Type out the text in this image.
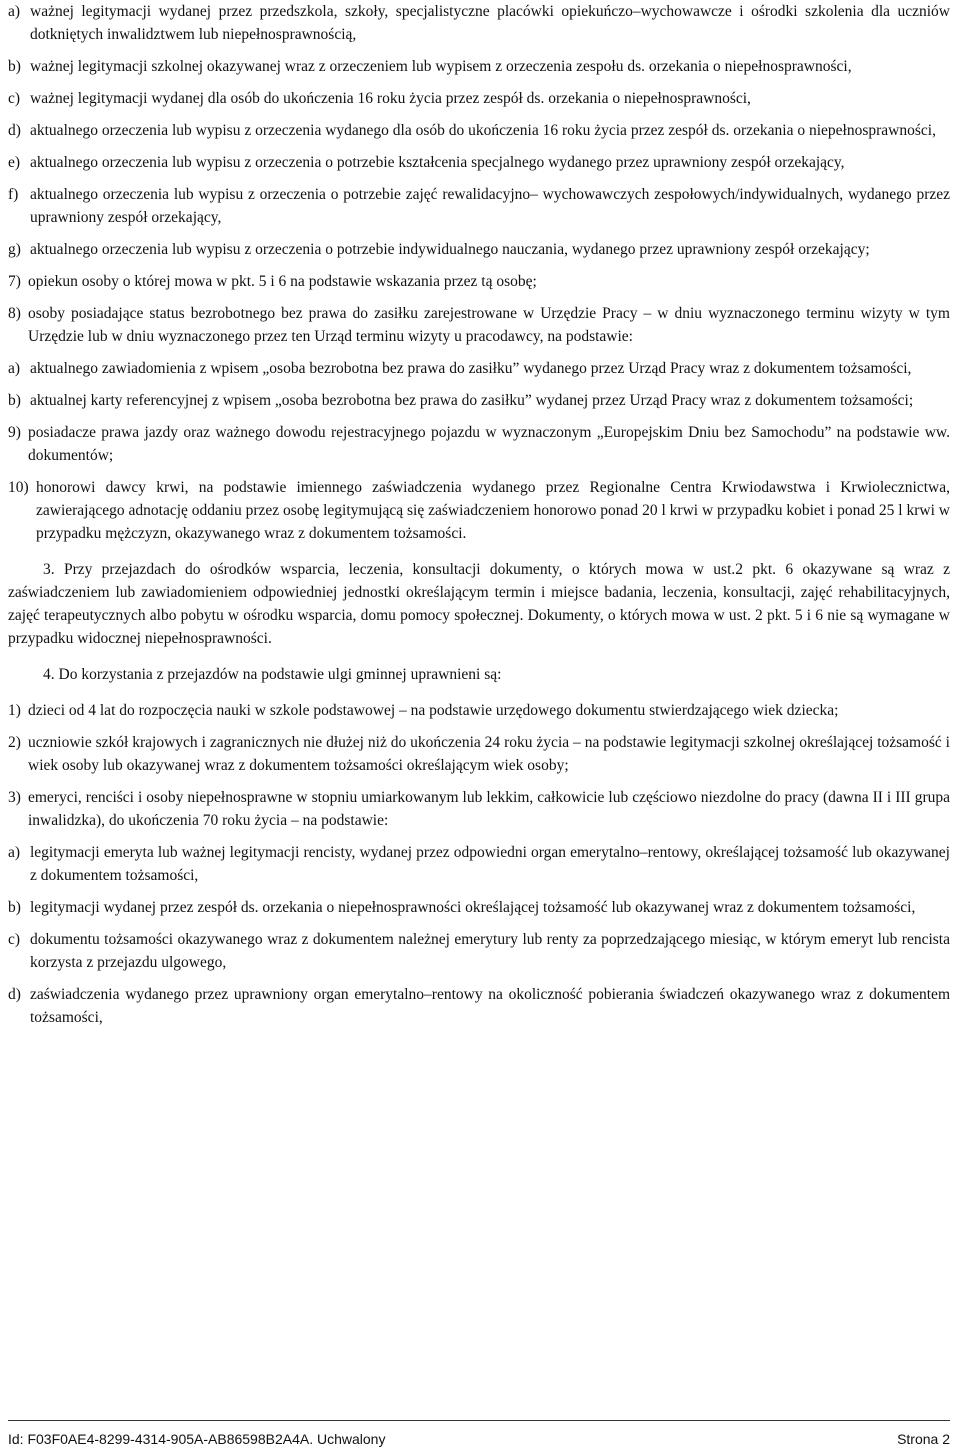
a) ważnej legitymacji wydanej przez przedszkola, szkoły, specjalistyczne placówki opiekuńczo–wychowawcze i ośrodki szkolenia dla uczniów dotkniętych inwalidztwem lub niepełnosprawnością,
b) ważnej legitymacji szkolnej okazywanej wraz z orzeczeniem lub wypisem z orzeczenia zespołu ds. orzekania o niepełnosprawności,
c) ważnej legitymacji wydanej dla osób do ukończenia 16 roku życia przez zespół ds. orzekania o niepełnosprawności,
d) aktualnego orzeczenia lub wypisu z orzeczenia wydanego dla osób do ukończenia 16 roku życia przez zespół ds. orzekania o niepełnosprawności,
e) aktualnego orzeczenia lub wypisu z orzeczenia o potrzebie kształcenia specjalnego wydanego przez uprawniony zespół orzekający,
f) aktualnego orzeczenia lub wypisu z orzeczenia o potrzebie zajęć rewalidacyjno– wychowawczych zespołowych/indywidualnych, wydanego przez uprawniony zespół orzekający,
g) aktualnego orzeczenia lub wypisu z orzeczenia o potrzebie indywidualnego nauczania, wydanego przez uprawniony zespół orzekający;
7) opiekun osoby o której mowa w pkt. 5 i 6 na podstawie wskazania przez tą osobę;
8) osoby posiadające status bezrobotnego bez prawa do zasiłku zarejestrowane w Urzędzie Pracy – w dniu wyznaczonego terminu wizyty w tym Urzędzie lub w dniu wyznaczonego przez ten Urząd terminu wizyty u pracodawcy, na podstawie:
a) aktualnego zawiadomienia z wpisem „osoba bezrobotna bez prawa do zasiłku” wydanego przez Urząd Pracy wraz z dokumentem tożsamości,
b) aktualnej karty referencyjnej z wpisem „osoba bezrobotna bez prawa do zasiłku” wydanej przez Urząd Pracy wraz z dokumentem tożsamości;
9) posiadacze prawa jazdy oraz ważnego dowodu rejestracyjnego pojazdu w wyznaczonym „Europejskim Dniu bez Samochodu” na podstawie ww. dokumentów;
10) honorowi dawcy krwi, na podstawie imiennego zaświadczenia wydanego przez Regionalne Centra Krwiodawstwa i Krwiolecznictwa, zawierającego adnotację oddaniu przez osobę legitymującą się zaświadczeniem honorowo ponad 20 l krwi w przypadku kobiet i ponad 25 l krwi w przypadku mężczyzn, okazywanego wraz z dokumentem tożsamości.
3. Przy przejazdach do ośrodków wsparcia, leczenia, konsultacji dokumenty, o których mowa w ust.2 pkt. 6 okazywane są wraz z zaświadczeniem lub zawiadomieniem odpowiedniej jednostki określającym termin i miejsce badania, leczenia, konsultacji, zajęć rehabilitacyjnych, zajęć terapeutycznych albo pobytu w ośrodku wsparcia, domu pomocy społecznej. Dokumenty, o których mowa w ust. 2 pkt. 5 i 6 nie są wymagane w przypadku widocznej niepełnosprawności.
4. Do korzystania z przejazdów na podstawie ulgi gminnej uprawnieni są:
1) dzieci od 4 lat do rozpoczęcia nauki w szkole podstawowej – na podstawie urzędowego dokumentu stwierdzającego wiek dziecka;
2) uczniowie szkół krajowych i zagranicznych nie dłużej niż do ukończenia 24 roku życia – na podstawie legitymacji szkolnej określającej tożsamość i wiek osoby lub okazywanej wraz z dokumentem tożsamości określającym wiek osoby;
3) emeryci, renciści i osoby niepełnosprawne w stopniu umiarkowanym lub lekkim, całkowicie lub częściowo niezdolne do pracy (dawna II i III grupa inwalidzka), do ukończenia 70 roku życia – na podstawie:
a) legitymacji emeryta lub ważnej legitymacji rencisty, wydanej przez odpowiedni organ emerytalno–rentowy, określającej tożsamość lub okazywanej z dokumentem tożsamości,
b) legitymacji wydanej przez zespół ds. orzekania o niepełnosprawności określającej tożsamość lub okazywanej wraz z dokumentem tożsamości,
c) dokumentu tożsamości okazywanego wraz z dokumentem należnej emerytury lub renty za poprzedzającego miesiąc, w którym emeryt lub rencista korzysta z przejazdu ulgowego,
d) zaświadczenia wydanego przez uprawniony organ emerytalno–rentowy na okoliczność pobierania świadczeń okazywanego wraz z dokumentem tożsamości,
Id: F03F0AE4-8299-4314-905A-AB86598B2A4A. Uchwalony	Strona 2
